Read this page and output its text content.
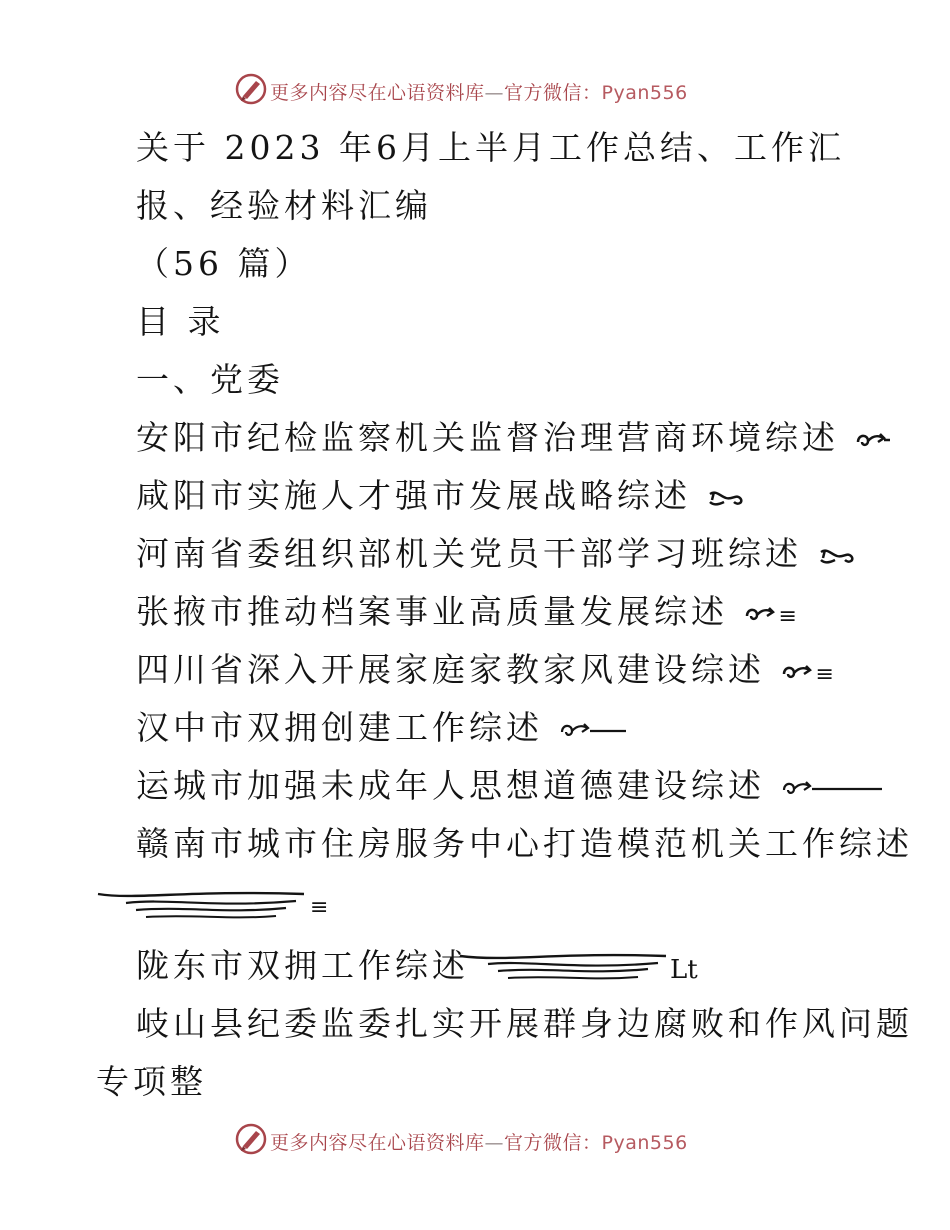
更多内容尽在心语资料库—官方微信：Pyan556
关于 2023 年6月上半月工作总结、工作汇
报、经验材料汇编
（56 篇）
目 录
一、党委
安阳市纪检监察机关监督治理营商环境综述
咸阳市实施人才强市发展战略综述
河南省委组织部机关党员干部学习班综述
张掖市推动档案事业高质量发展综述 ≡
四川省深入开展家庭家教家风建设综述 ≡
汉中市双拥创建工作综述
运城市加强未成年人思想道德建设综述
赣南市城市住房服务中心打造模范机关工作综述
≡
陇东市双拥工作综述	Lt
岐山县纪委监委扎实开展群身边腐败和作风问题
专项整
更多内容尽在心语资料库—官方微信：Pyan556
